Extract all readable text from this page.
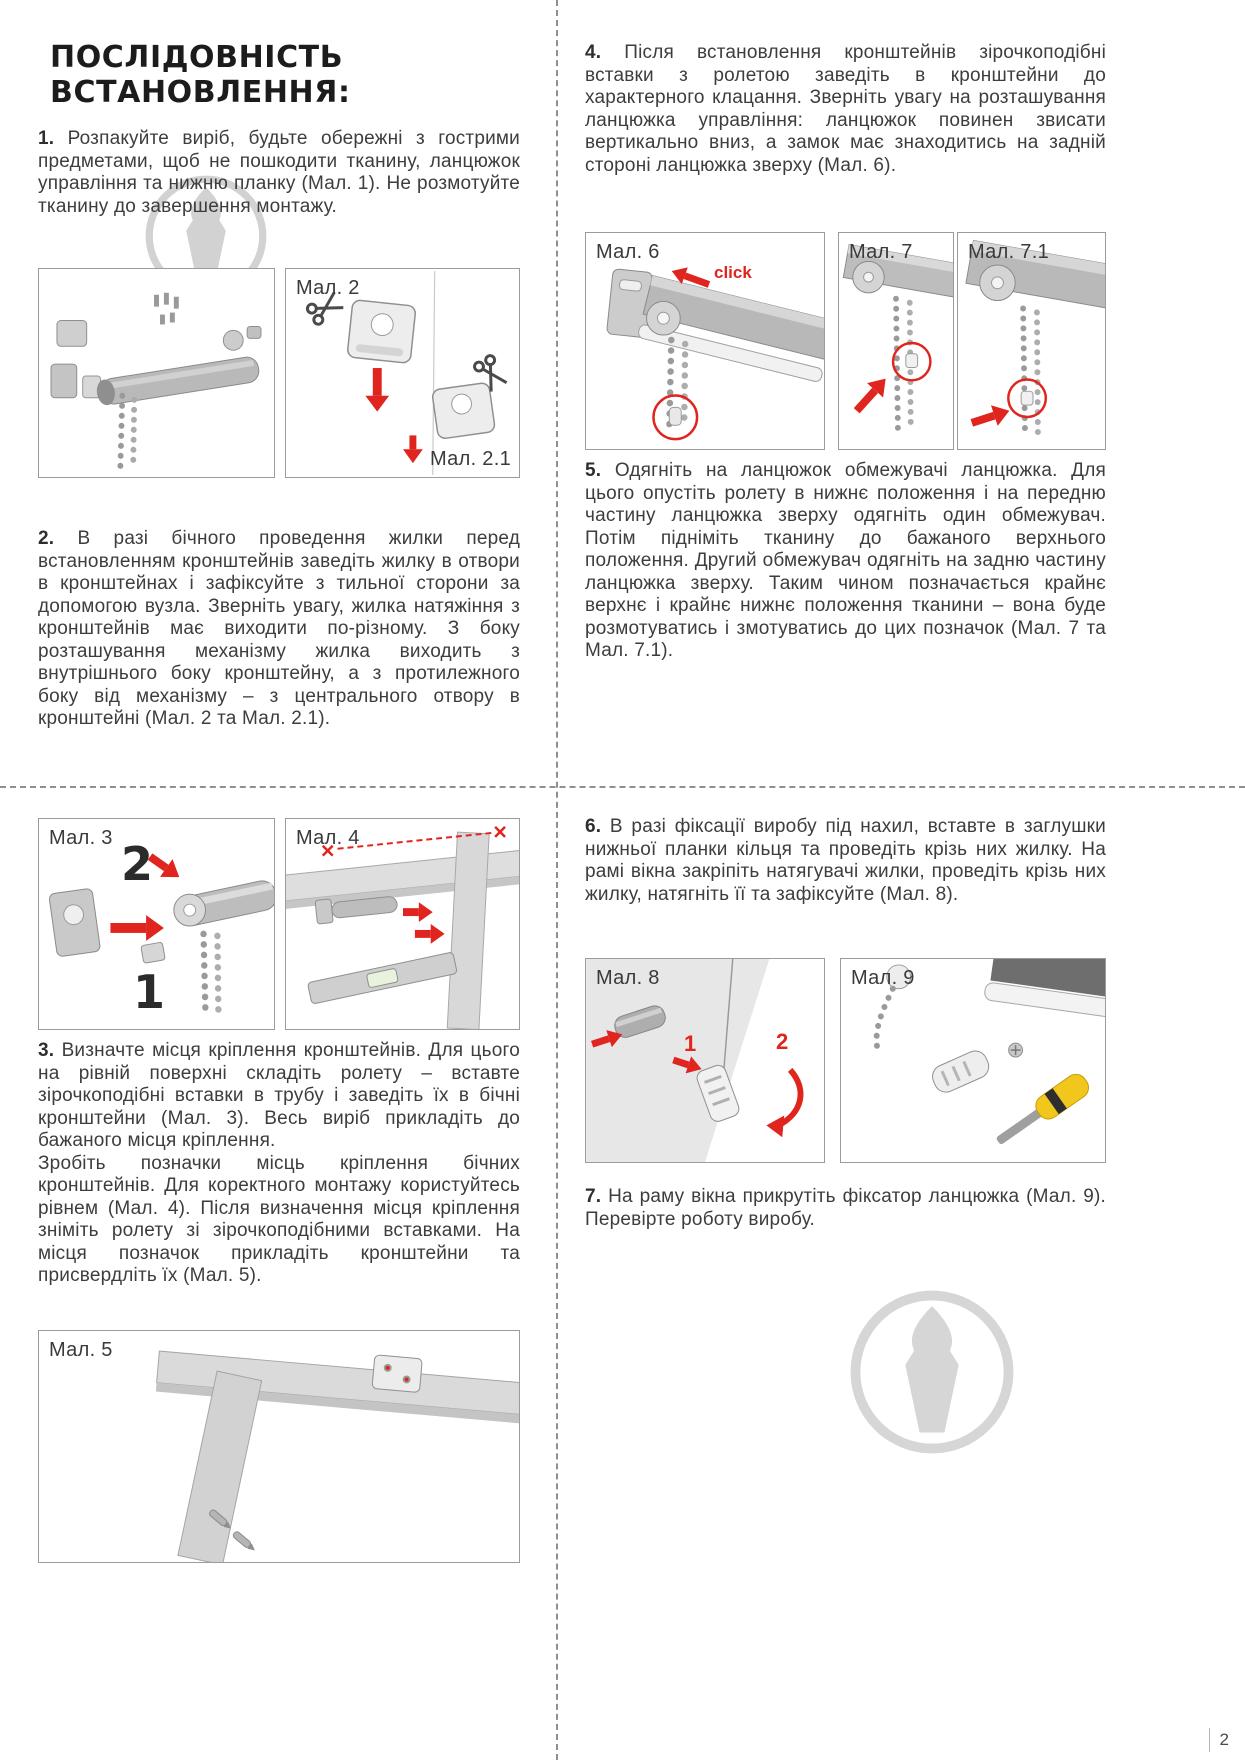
ПОСЛІДОВНІСТЬ ВСТАНОВЛЕННЯ:

1. Розпакуйте виріб, будьте обережні з гострими предметами, щоб не пошкодити тканину, ланцюжок управління та нижню планку (Мал. 1). Не розмотуйте тканину до завершення монтажу.

Мал. 2
Мал. 2.1

2. В разі бічного проведення жилки перед встановленням кронштейнів заведіть жилку в отвори в кронштейнах і зафіксуйте з тильної сторони за допомогою вузла. Зверніть увагу, жилка натяжіння з кронштейнів має виходити по-різному. З боку розташування механізму жилка виходить з внутрішнього боку кронштейну, а з протилежного боку від механізму – з центрального отвору в кронштейні (Мал. 2 та Мал. 2.1).

Мал. 3 2
1
Мал. 4

3. Визначте місця кріплення кронштейнів. Для цього на рівній поверхні складіть ролету – вставте зірочкоподібні вставки в трубу і заведіть їх в бічні кронштейни (Мал. 3). Весь виріб прикладіть до бажаного місця кріплення.

Зробіть позначки місць кріплення бічних кронштейнів. Для коректного монтажу користуйтесь рівнем (Мал. 4). Після визначення місця кріплення зніміть ролету зі зірочкоподібними вставками. На місця позначок прикладіть кронштейни та присвердліть їх (Мал. 5).

Мал. 5

4. Після встановлення кронштейнів зірочкоподібні вставки з ролетою заведіть в кронштейни до характерного клацання. Зверніть увагу на розташування ланцюжка управління: ланцюжок повинен звисати вертикально вниз, а замок має знаходитись на задній стороні ланцюжка зверху (Мал. 6).

Мал. 6
click
Мал. 7	Мал. 7.1

5. Одягніть на ланцюжок обмежувачі ланцюжка. Для цього опустіть ролету в нижнє положення і на передню частину ланцюжка зверху одягніть один обмежувач. Потім підніміть тканину до бажаного верхнього положення. Другий обмежувач одягніть на задню частину ланцюжка зверху. Таким чином позначається крайнє верхнє і крайнє нижнє положення тканини – вона буде розмотуватись і змотуватись до цих позначок (Мал. 7 та Мал. 7.1).

6. В разі фіксації виробу під нахил, вставте в заглушки нижньої планки кільця та проведіть крізь них жилку. На рамі вікна закріпіть натягувачі жилки, проведіть крізь них жилку, натягніть її та зафіксуйте (Мал. 8).

Мал. 8
1	2
Мал. 9

7. На раму вікна прикрутіть фіксатор ланцюжка (Мал. 9). Перевірте роботу виробу.

2
